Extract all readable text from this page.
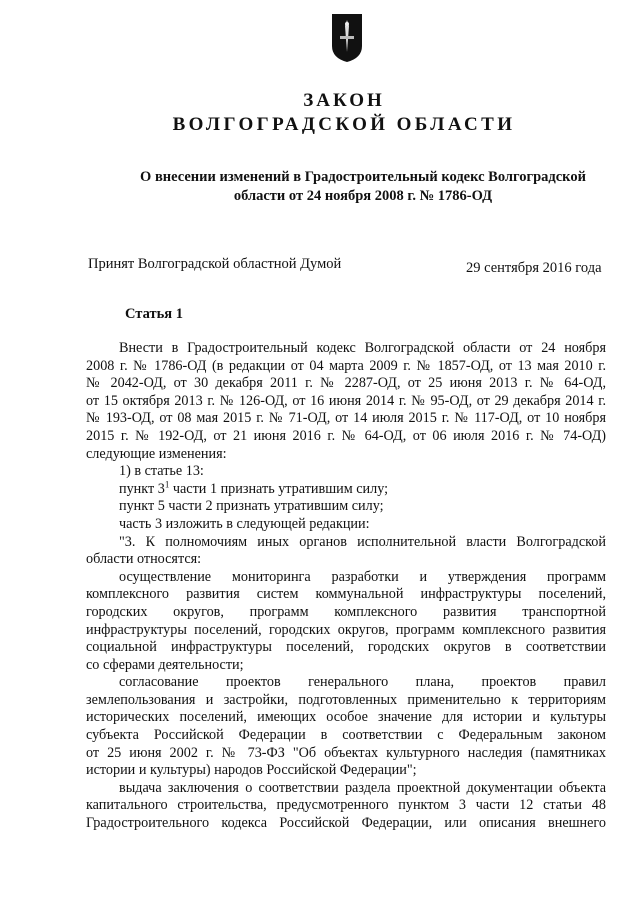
ЗАКОН
ВОЛГОГРАДСКОЙ ОБЛАСТИ
О внесении изменений в Градостроительный кодекс Волгоградской области от 24 ноября 2008 г. № 1786-ОД
Принят Волгоградской областной Думой	29 сентября 2016 года
Статья 1

Внести в Градостроительный кодекс Волгоградской области от 24 ноября

2008 г. № 1786-ОД (в редакции от 04 марта 2009 г. № 1857-ОД, от 13 мая 2010 г.

№ 2042-ОД, от 30 декабря 2011 г. № 2287-ОД, от 25 июня 2013 г. № 64-ОД,

от 15 октября 2013 г. № 126-ОД, от 16 июня 2014 г. № 95-ОД, от 29 декабря 2014 г.

№ 193-ОД, от 08 мая 2015 г. № 71-ОД, от 14 июля 2015 г. № 117-ОД, от 10 ноября

2015 г. № 192-ОД, от 21 июня 2016 г. № 64-ОД, от 06 июля 2016 г. № 74-ОД)

следующие изменения:

1) в статье 13:

пункт $3^1$ части 1 признать утратившим силу;

пункт 5 части 2 признать утратившим силу;

часть 3 изложить в следующей редакции:

"3. К полномочиям иных органов исполнительной власти Волгоградской

области относятся:

осуществление мониторинга разработки и утверждения программ

комплексного развития систем коммунальной инфраструктуры поселений,

городских округов, программ комплексного развития транспортной

инфраструктуры поселений, городских округов, программ комплексного развития

социальной инфраструктуры поселений, городских округов в соответствии

со сферами деятельности;

согласование проектов генерального плана, проектов правил

землепользования и застройки, подготовленных применительно к территориям

исторических поселений, имеющих особое значение для истории и культуры

субъекта Российской Федерации в соответствии с Федеральным законом

от 25 июня 2002 г. № 73-ФЗ "Об объектах культурного наследия (памятниках

истории и культуры) народов Российской Федерации";

выдача заключения о соответствии раздела проектной документации объекта

капитального строительства, предусмотренного пунктом 3 части 12 статьи 48

Градостроительного кодекса Российской Федерации, или описания внешнего
